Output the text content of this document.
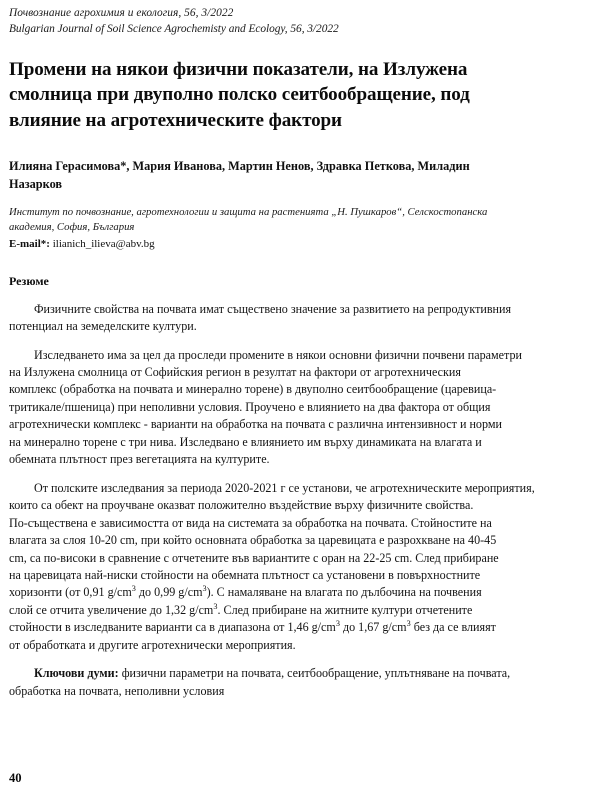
Почвознание агрохимия и екология, 56, 3/2022
Bulgarian Journal of Soil Science Agrochemisty and Ecology, 56, 3/2022
Промени на някои физични показатели, на Излужена
смолница при двуполно полско сеитбообращение, под
влияние на агротехническите фактори
Илияна Герасимова*, Мария Иванова, Мартин Ненов, Здравка Петкова, Миладин
Назарков
Институт по почвознание, агротехнологии и защита на растенията „Н. Пушкаров“, Селскостопанска
академия, София, България
E-mail*: ilianich_ilieva@abv.bg
Резюме
Физичните свойства на почвата имат съществено значение за развитието на репродуктивния
потенциал на земеделските култури.
Изследването има за цел да проследи промените в някои основни физични почвени параметри
на Излужена смолница от Софийския регион в резултат на фактори от агротехническия
комплекс (обработка на почвата и минерално торене) в двуполно сеитбообращение (царевица-
тритикале/пшеница) при неполивни условия. Проучено е влиянието на два фактора от общия
агротехнически комплекс - варианти на обработка на почвата с различна интензивност и норми
на минерално торене с три нива. Изследвано е влиянието им върху динамиката на влагата и
обемната плътност през вегетацията на културите.
От полските изследвания за периода 2020-2021 г се установи, че агротехническите мероприятия,
които са обект на проучване оказват положително въздействие върху физичните свойства.
По-съществена е зависимостта от вида на системата за обработка на почвата. Стойностите на
влагата за слоя 10-20 cm, при който основната обработка за царевицата е разрохкване на 40-45
cm, са по-високи в сравнение с отчетените във вариантите с оран на 22-25 cm. След прибиране
на царевицата най-ниски стойности на обемната плътност са установени в повърхностните
хоризонти (от 0,91 $g/cm^3$ до 0,99 $g/cm^3$). С намаляване на влагата по дълбочина на почвения
слой се отчита увеличение до 1,32 $g/cm^3$. След прибиране на житните култури отчетените
стойности в изследваните варианти са в диапазона от 1,46 $g/cm^3$ до 1,67 $g/cm^3$ без да се влияят
от обработката и другите агротехнически мероприятия.
Ключови думи: физични параметри на почвата, сеитбообращение, уплътняване на почвата,
обработка на почвата, неполивни условия
40
